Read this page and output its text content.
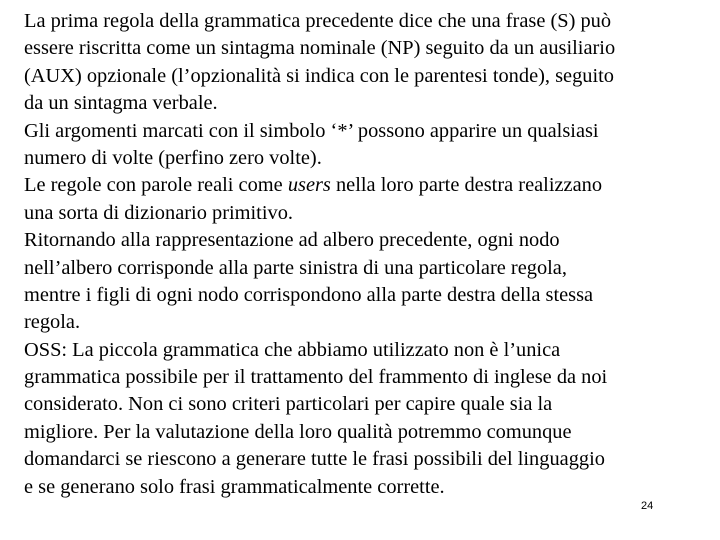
La prima regola della grammatica precedente dice che una frase (S) può
essere riscritta come un sintagma nominale (NP) seguito da un ausiliario
(AUX) opzionale (l’opzionalità si indica con le parentesi tonde), seguito
da un sintagma verbale.
Gli argomenti marcati con il simbolo ‘*’ possono apparire un qualsiasi
numero di volte (perfino zero volte).
Le regole con parole reali come users nella loro parte destra realizzano
una sorta di dizionario primitivo.
Ritornando alla rappresentazione ad albero precedente, ogni nodo
nell’albero corrisponde alla parte sinistra di una particolare regola,
mentre i figli di ogni nodo corrispondono alla parte destra della stessa
regola.
OSS: La piccola grammatica che abbiamo utilizzato non è l’unica
grammatica possibile per il trattamento del frammento di inglese da noi
considerato. Non ci sono criteri particolari per capire quale sia la
migliore. Per la valutazione della loro qualità potremmo comunque
domandarci se riescono a generare tutte le frasi possibili del linguaggio
e se generano solo frasi grammaticalmente corrette.
24
